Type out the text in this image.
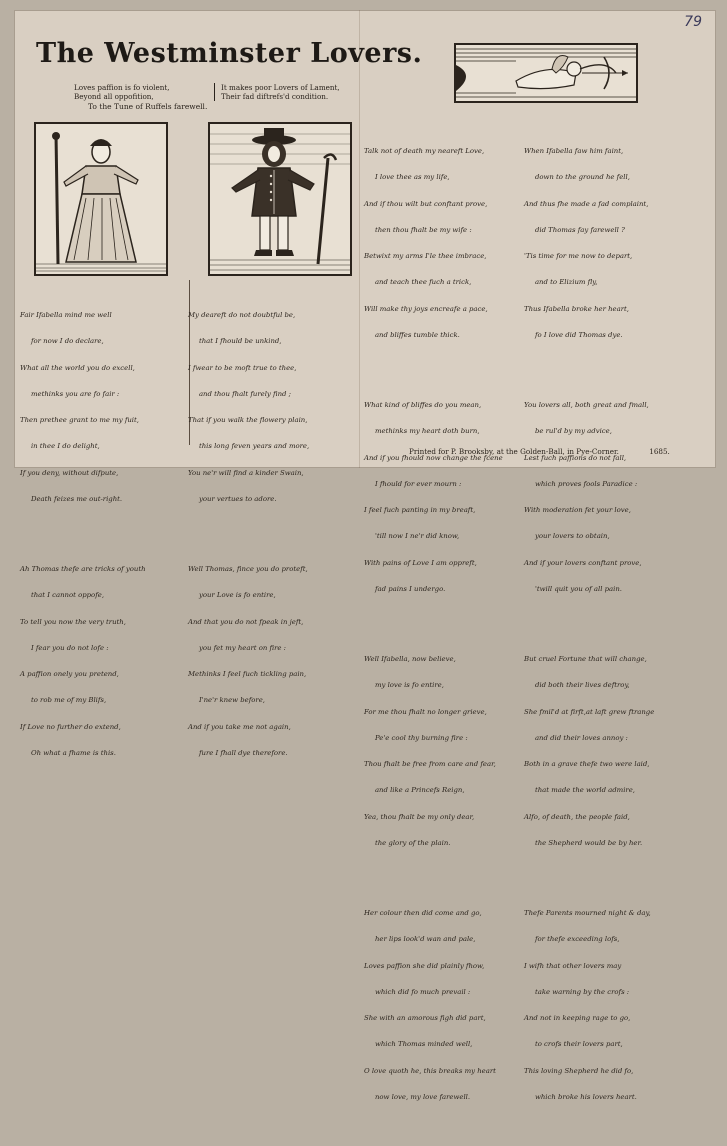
79
The Westminster Lovers.
Loves paffion is fo violent,
Beyond all oppofition,
It makes poor Lovers of Lament,
Their fad diftrefs'd condition.
To the Tune of Ruffels farewell.

Fair Ifabella mind me well

for now I do declare,

What all the world you do excell,

methinks you are fo fair :

Then prethee grant to me my fuit,

in thee I do delight,

If you deny, without difpute,

Death feizes me out-right.

Ah Thomas thefe are tricks of youth

that I cannot oppofe,

To tell you now the very truth,

I fear you do not lofe :

A paffion onely you pretend,

to rob me of my Blifs,

If Love no further do extend,

Oh what a fhame is this.

My deareft do not doubtful be,

that I fhould be unkind,

I fwear to be moft true to thee,

and thou fhalt furely find ;

That if you walk the flowery plain,

this long feven years and more,

You ne'r will find a kinder Swain,

your vertues to adore.

Well Thomas, fince you do proteft,

your Love is fo entire,

And that you do not fpeak in jeft,

you fet my heart on fire :

Methinks I feel fuch tickling pain,

I'ne'r knew before,

And if you take me not again,

fure I fhall dye therefore.

Talk not of death my neareft Love,

I love thee as my life,

And if thou wilt but conftant prove,

then thou fhalt be my wife :

Betwixt my arms I'le thee imbrace,

and teach thee fuch a trick,

Will make thy joys encreafe a pace,

and bliffes tumble thick.

What kind of bliffes do you mean,

methinks my heart doth burn,

And if you fhould now change the fcene

I fhould for ever mourn :

I feel fuch panting in my breaft,

'till now I ne'r did know,

With pains of Love I am oppreft,

fad pains I undergo.

Well Ifabella, now believe,

my love is fo entire,

For me thou fhalt no longer grieve,

Pe'e cool thy burning fire :

Thou fhalt be free from care and fear,

and like a Princefs Reign,

Yea, thou fhalt be my only dear,

the glory of the plain.

Her colour then did come and go,

her lips look'd wan and pale,

Loves paffion she did plainly fhow,

which did fo much prevail :

She with an amorous figh did part,

which Thomas minded well,

O love quoth he, this breaks my heart

now love, my love farewell.

When Ifabella faw him faint,

down to the ground he fell,

And thus fhe made a fad complaint,

did Thomas fay farewell ?

'Tis time for me now to depart,

and to Elizium fly,

Thus Ifabella broke her heart,

fo I love did Thomas dye.

You lovers all, both great and fmall,

be rul'd by my advice,

Lest fuch paffions do not fall,

which proves fools Paradice :

With moderation fet your love,

your lovers to obtain,

And if your lovers conftant prove,

'twill quit you of all pain.

But cruel Fortune that will change,

did both their lives deftroy,

She fmil'd at firft,at laft grew ftrange

and did their loves annoy :

Both in a grave thefe two were laid,

that made the world admire,

Alfo, of death, the people faid,

the Shepherd would be by her.

Thefe Parents mourned night & day,

for thefe exceeding lofs,

I wifh that other lovers may

take warning by the crofs :

And not in keeping rage to go,

to crofs their lovers part,

This loving Shepherd he did fo,

which broke his lovers heart.

Printed for P. Brooksby, at the Golden-Ball, in Pye-Corner.	1685.
